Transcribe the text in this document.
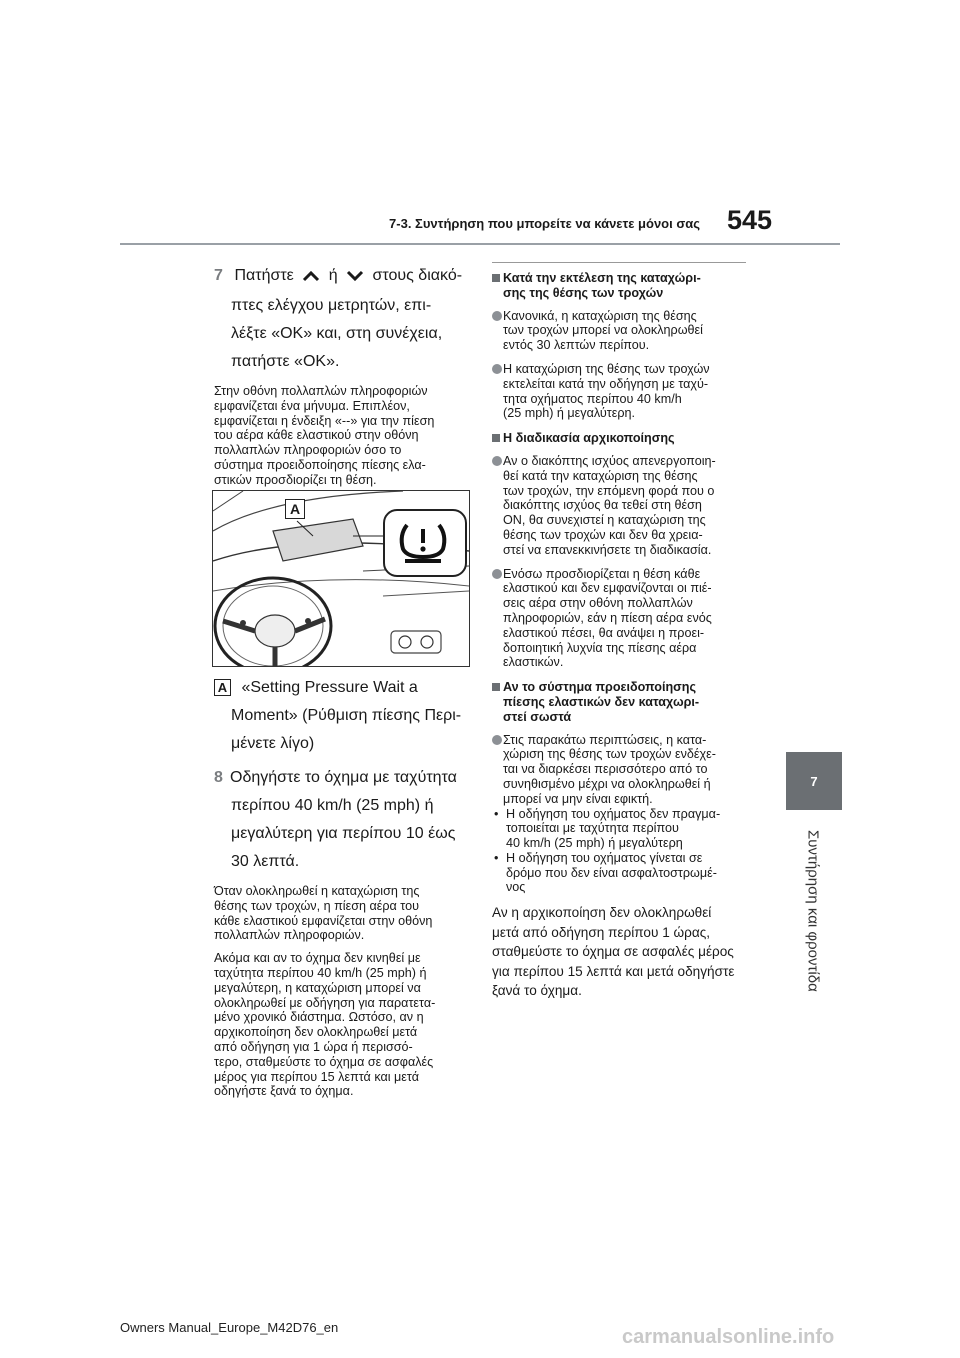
7-3. Συντήρηση που μπορείτε να κάνετε μόνοι σας 545
7
Συντήρηση και φροντίδα
7 Πατήστε ή στους διακό-
πτες ελέγχου μετρητών, επι-
λέξτε «OK» και, στη συνέχεια,
πατήστε «OK».
Στην οθόνη πολλαπλών πληροφοριών
εμφανίζεται ένα μήνυμα. Επιπλέον,
εμφανίζεται η ένδειξη «--» για την πίεση
του αέρα κάθε ελαστικού στην οθόνη
πολλαπλών πληροφοριών όσο το
σύστημα προειδοποίησης πίεσης ελα-
στικών προσδιορίζει τη θέση.
A
A «Setting Pressure Wait a
Moment» (Ρύθμιση πίεσης Περι-
μένετε λίγο)
8 Οδηγήστε το όχημα με ταχύτητα
περίπου 40 km/h (25 mph) ή
μεγαλύτερη για περίπου 10 έως
30 λεπτά.
Όταν ολοκληρωθεί η καταχώριση της
θέσης των τροχών, η πίεση αέρα του
κάθε ελαστικού εμφανίζεται στην οθόνη
πολλαπλών πληροφοριών.
Ακόμα και αν το όχημα δεν κινηθεί με
ταχύτητα περίπου 40 km/h (25 mph) ή
μεγαλύτερη, η καταχώριση μπορεί να
ολοκληρωθεί με οδήγηση για παρατετα-
μένο χρονικό διάστημα. Ωστόσο, αν η
αρχικοποίηση δεν ολοκληρωθεί μετά
από οδήγηση για 1 ώρα ή περισσό-
τερο, σταθμεύστε το όχημα σε ασφαλές
μέρος για περίπου 15 λεπτά και μετά
οδηγήστε ξανά το όχημα.
Κατά την εκτέλεση της καταχώρι-
σης της θέσης των τροχών
Κανονικά, η καταχώριση της θέσης
των τροχών μπορεί να ολοκληρωθεί
εντός 30 λεπτών περίπου.
Η καταχώριση της θέσης των τροχών
εκτελείται κατά την οδήγηση με ταχύ-
τητα οχήματος περίπου 40 km/h
(25 mph) ή μεγαλύτερη.
Η διαδικασία αρχικοποίησης
Αν ο διακόπτης ισχύος απενεργοποιη-
θεί κατά την καταχώριση της θέσης
των τροχών, την επόμενη φορά που ο
διακόπτης ισχύος θα τεθεί στη θέση
ON, θα συνεχιστεί η καταχώριση της
θέσης των τροχών και δεν θα χρεια-
στεί να επανεκκινήσετε τη διαδικασία.
Ενόσω προσδιορίζεται η θέση κάθε
ελαστικού και δεν εμφανίζονται οι πιέ-
σεις αέρα στην οθόνη πολλαπλών
πληροφοριών, εάν η πίεση αέρα ενός
ελαστικού πέσει, θα ανάψει η προει-
δοποιητική λυχνία της πίεσης αέρα
ελαστικών.
Αν το σύστημα προειδοποίησης
πίεσης ελαστικών δεν καταχωρι-
στεί σωστά
Στις παρακάτω περιπτώσεις, η κατα-
χώριση της θέσης των τροχών ενδέχε-
ται να διαρκέσει περισσότερο από το
συνηθισμένο μέχρι να ολοκληρωθεί ή
μπορεί να μην είναι εφικτή.
• Η οδήγηση του οχήματος δεν πραγμα-
τοποιείται με ταχύτητα περίπου
40 km/h (25 mph) ή μεγαλύτερη
• Η οδήγηση του οχήματος γίνεται σε
δρόμο που δεν είναι ασφαλτοστρωμέ-
νος
Αν η αρχικοποίηση δεν ολοκληρωθεί
μετά από οδήγηση περίπου 1 ώρας,
σταθμεύστε το όχημα σε ασφαλές μέρος
για περίπου 15 λεπτά και μετά οδηγήστε
ξανά το όχημα.
Owners Manual_Europe_M42D76_en	carmanualsonline.info
